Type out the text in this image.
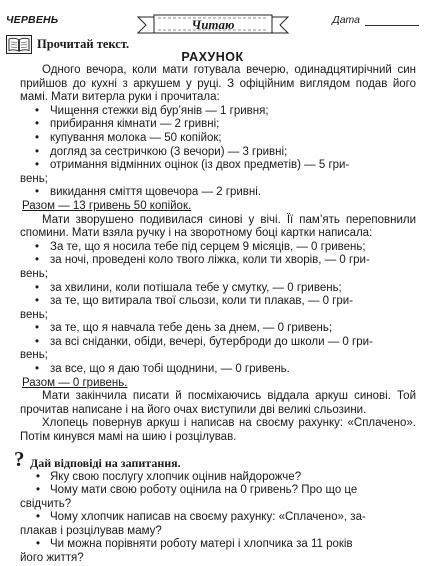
ЧЕРВЕНЬ	Читаю	Дата
Прочитай текст.
РАХУНОК

Одного вечора, коли мати готувала вечерю, одинадцятирічний син прийшов до кухні з аркушем у руці. З офіційним виглядом подав його мамі. Мати витерла руки і прочитала:

• Чищення стежки від бур’янів — 1 гривня;
• прибирання кімнати — 2 гривні;
• купування молока — 50 копійок;
• догляд за сестричкою (3 вечори) — 3 гривні;
• отримання відмінних оцінок (із двох предметів) — 5 гри-
вень;
• викидання сміття щовечора — 2 гривні.
Разом — 13 гривень 50 копійок.

Мати зворушено подивилася синові у вічі. Її пам’ять переповнили спомини. Мати взяла ручку і на зворотному боці картки написала:

• За те, що я носила тебе під серцем 9 місяців, — 0 гривень;
• за ночі, проведені коло твого ліжка, коли ти хворів, — 0 гри-
вень;
• за хвилини, коли потішала тебе у смутку, — 0 гривень;
• за те, що витирала твої сльози, коли ти плакав, — 0 гри-
вень;
• за те, що я навчала тебе день за днем, — 0 гривень;
• за всі сніданки, обіди, вечері, бутерброди до школи — 0 гри-
вень;
• за все, що я даю тобі щоднини, — 0 гривень.
Разом — 0 гривень.

Мати закінчила писати й посміхаючись віддала аркуш синові. Той прочитав написане і на його очах виступили дві великі сльозини.

Хлопець повернув аркуш і написав на своєму рахунку: «Сплачено». Потім кинувся мамі на шию і розцілував.

? Дай відповіді на запитання.
• Яку свою послугу хлопчик оцінив найдорожче?
• Чому мати свою роботу оцінила на 0 гривень? Про що це
свідчить?
• Чому хлопчик написав на своєму рахунку: «Сплачено», за-
плакав і розцілував маму?
• Чи можна порівняти роботу матері і хлопчика за 11 років
його життя?
